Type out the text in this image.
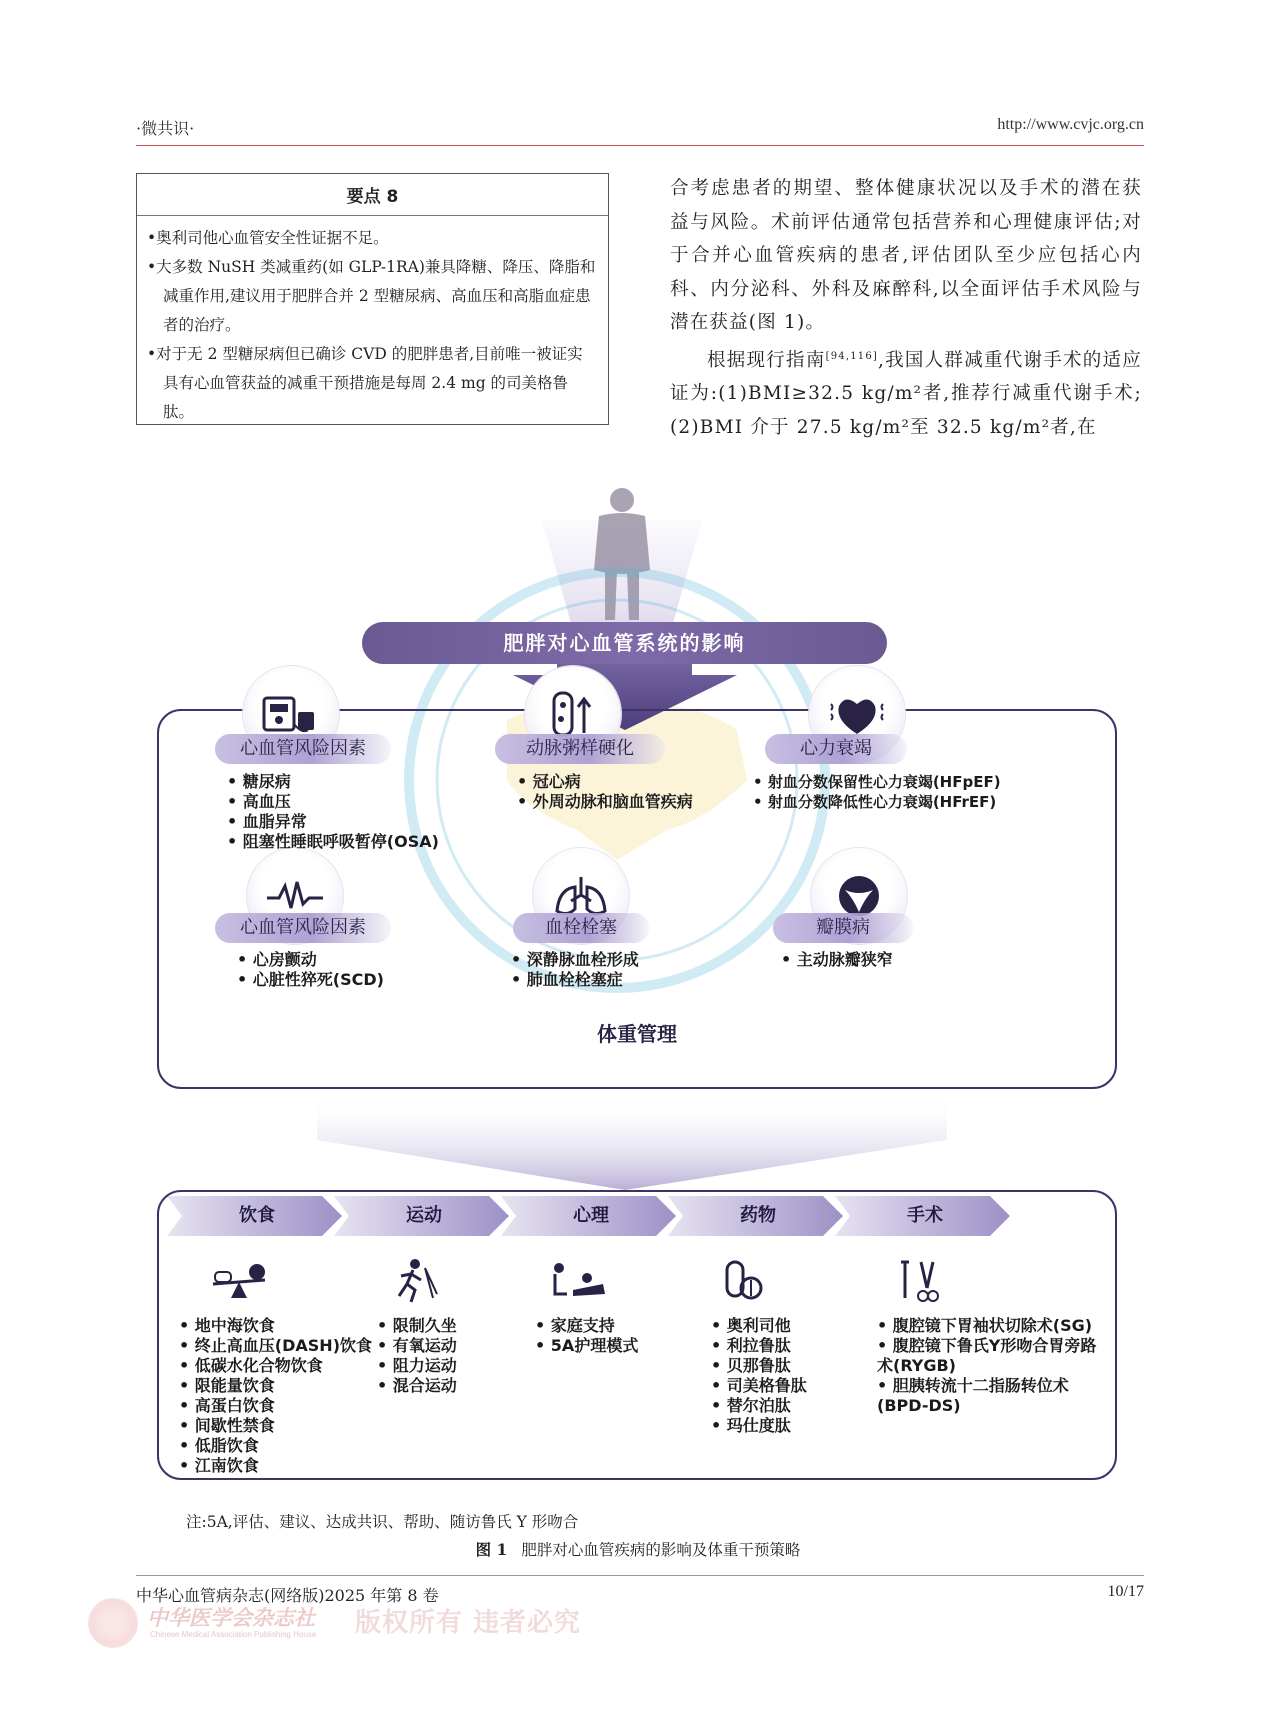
·微共识·	http://www.cvjc.org.cn
要点 8

•奥利司他心血管安全性证据不足。

•大多数 NuSH 类减重药(如 GLP-1RA)兼具降糖、降压、降脂和减重作用,建议用于肥胖合并 2 型糖尿病、高血压和高脂血症患者的治疗。

•对于无 2 型糖尿病但已确诊 CVD 的肥胖患者,目前唯一被证实具有心血管获益的减重干预措施是每周 2.4 mg 的司美格鲁肽。

合考虑患者的期望、整体健康状况以及手术的潜在获益与风险。术前评估通常包括营养和心理健康评估;对于合并心血管疾病的患者,评估团队至少应包括心内科、内分泌科、外科及麻醉科,以全面评估手术风险与潜在获益(图 1)。

根据现行指南[94,116],我国人群减重代谢手术的适应证为:(1)BMI≥32.5 kg/m²者,推荐行减重代谢手术;(2)BMI 介于 27.5 kg/m²至 32.5 kg/m²者,在

肥胖对心血管系统的影响
心血管风险因素	动脉粥样硬化	心力衰竭
心血管风险因素	血栓栓塞	瓣膜病
• 糖尿病
• 高血压
• 血脂异常
• 阻塞性睡眠呼吸暂停(OSA)
• 冠心病
• 外周动脉和脑血管疾病
• 射血分数保留性心力衰竭(HFpEF)
• 射血分数降低性心力衰竭(HFrEF)
• 心房颤动
• 心脏性猝死(SCD)
• 深静脉血栓形成
• 肺血栓栓塞症
• 主动脉瓣狭窄
体重管理
饮食	运动	心理	药物	手术
• 地中海饮食
• 终止高血压(DASH)饮食
• 低碳水化合物饮食
• 限能量饮食
• 高蛋白饮食
• 间歇性禁食
• 低脂饮食
• 江南饮食
• 限制久坐
• 有氧运动
• 阻力运动
• 混合运动
• 家庭支持
• 5A护理模式
• 奥利司他
• 利拉鲁肽
• 贝那鲁肽
• 司美格鲁肽
• 替尔泊肽
• 玛仕度肽
• 腹腔镜下胃袖状切除术(SG)
• 腹腔镜下鲁氏Y形吻合胃旁路术(RYGB)
• 胆胰转流十二指肠转位术(BPD-DS)
注:5A,评估、建议、达成共识、帮助、随访鲁氏 Y 形吻合
图 1 肥胖对心血管疾病的影响及体重干预策略
中华心血管病杂志(网络版)2025 年第 8 卷	10/17
中华医学会杂志社
Chinese Medical Association Publishing House 版权所有 违者必究
